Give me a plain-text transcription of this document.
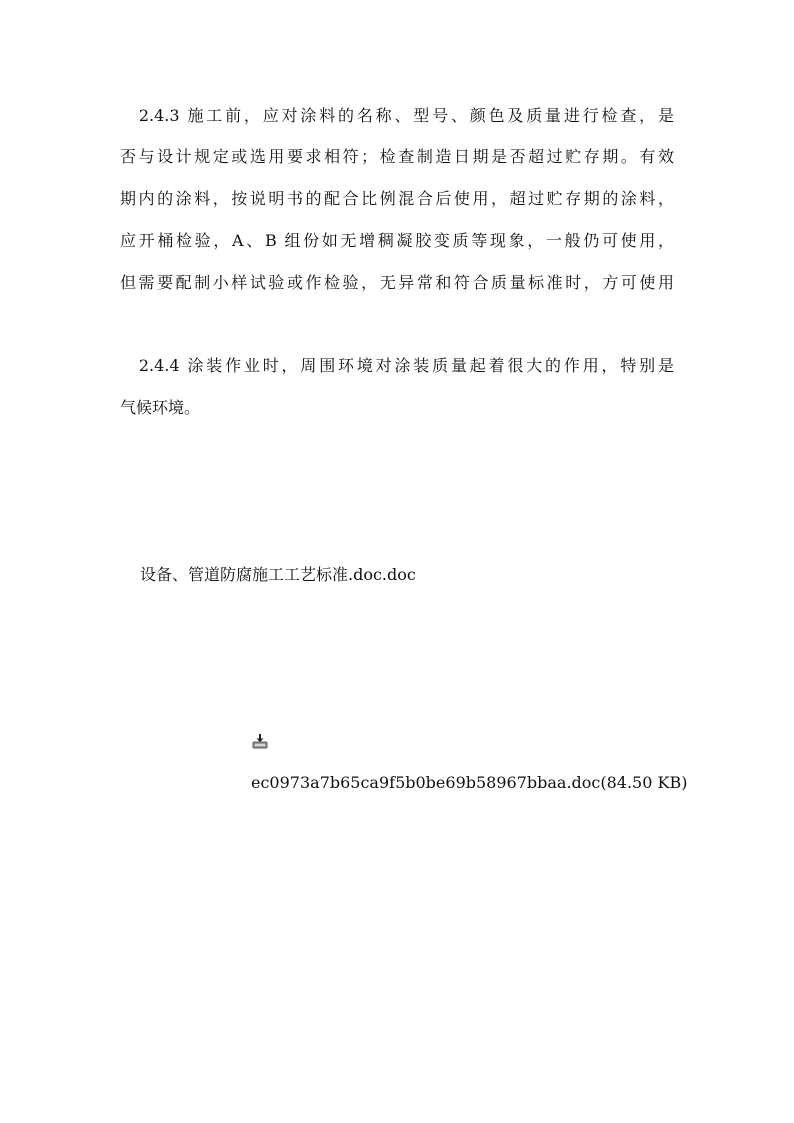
　2.4.3 施工前，应对涂料的名称、型号、颜色及质量进行检查，是
否与设计规定或选用要求相符；检查制造日期是否超过贮存期。有效
期内的涂料，按说明书的配合比例混合后使用，超过贮存期的涂料，
应开桶检验，A、B 组份如无增稠凝胶变质等现象，一般仍可使用，
但需要配制小样试验或作检验，无异常和符合质量标准时，方可使用
　2.4.4 涂装作业时，周围环境对涂装质量起着很大的作用，特别是
气候环境。
设备、管道防腐施工工艺标准.doc.doc
ec0973a7b65ca9f5b0be69b58967bbaa.doc(84.50 KB)
